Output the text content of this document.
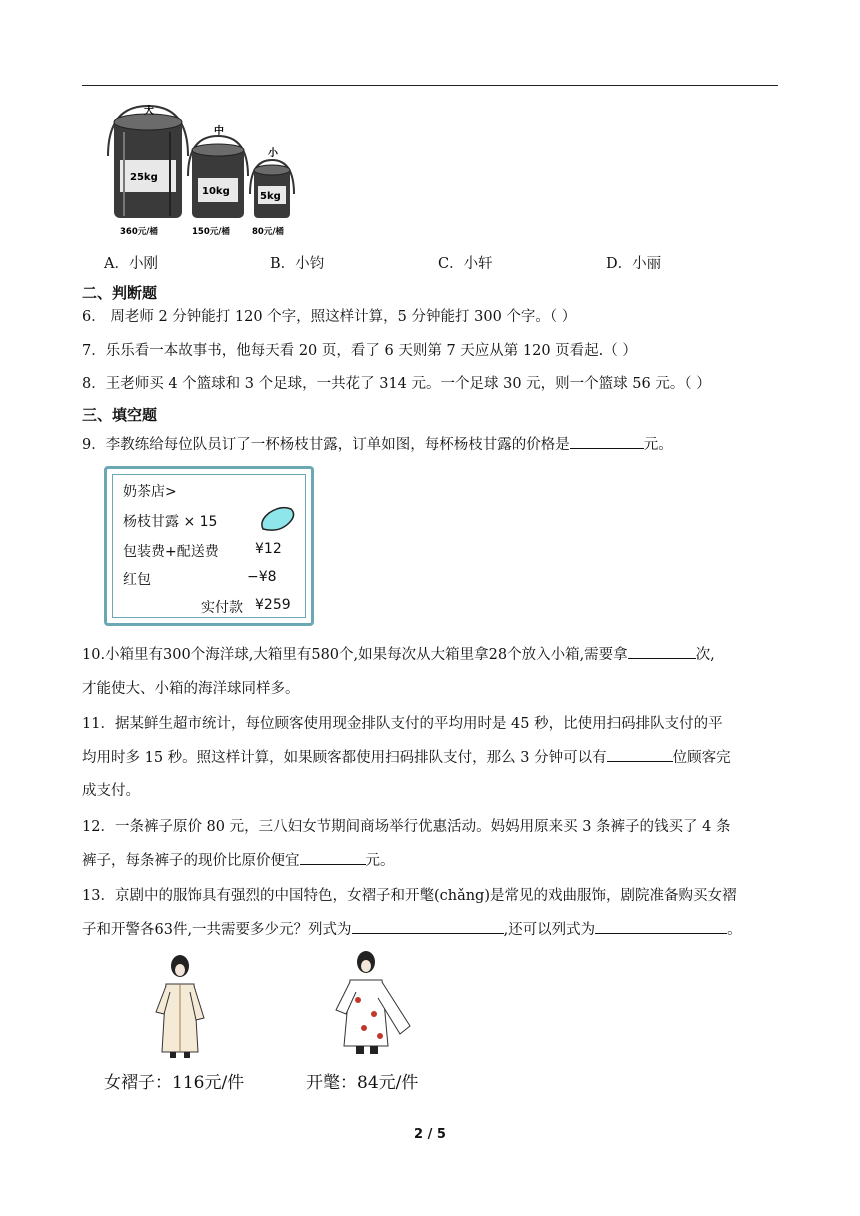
大
中
小
25kg
10kg	5kg
360元/桶	150元/桶	80元/桶
A．小刚	B．小钧	C．小轩	D．小丽
二、判断题
6． 周老师 2 分钟能打 120 个字，照这样计算，5 分钟能打 300 个字。（ ）
7．乐乐看一本故事书，他每天看 20 页，看了 6 天则第 7 天应从第 120 页看起.（ ）
8．王老师买 4 个篮球和 3 个足球，一共花了 314 元。一个足球 30 元，则一个篮球 56 元。（ ）
三、填空题
9．李教练给每位队员订了一杯杨枝甘露，订单如图，每杯杨枝甘露的价格是	元。
奶茶店>
杨枝甘露 × 15
包装费+配送费	¥12
红包	−¥8
实付款 ¥259
10.小箱里有300个海洋球,大箱里有580个,如果每次从大箱里拿28个放入小箱,需要拿	次,
才能使大、小箱的海洋球同样多。
11．据某鲜生超市统计，每位顾客使用现金排队支付的平均用时是 45 秒，比使用扫码排队支付的平
均用时多 15 秒。照这样计算，如果顾客都使用扫码排队支付，那么 3 分钟可以有	位顾客完
成支付。
12．一条裤子原价 80 元，三八妇女节期间商场举行优惠活动。妈妈用原来买 3 条裤子的钱买了 4 条
裤子，每条裤子的现价比原价便宜	元。
13．京剧中的服饰具有强烈的中国特色，女褶子和开氅(chǎng)是常见的戏曲服饰，剧院准备购买女褶
子和开警各63件,一共需要多少元？列式为	,还可以列式为	。
女褶子：116元/件	开氅：84元/件
2 / 5
